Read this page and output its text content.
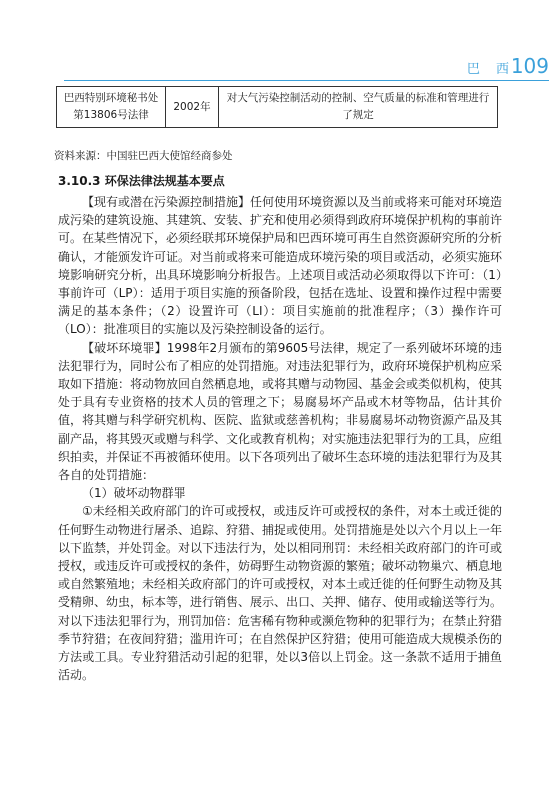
巴 西
109
巴西特别环境秘书处第13806号法律	2002年	对大气污染控制活动的控制、空气质量的标准和管理进行了规定
资料来源：中国驻巴西大使馆经商参处
3.10.3 环保法律法规基本要点

【现有或潜在污染源控制措施】任何使用环境资源以及当前或将来可能对环境造成污染的建筑设施、其建筑、安装、扩充和使用必须得到政府环境保护机构的事前许可。在某些情况下，必须经联邦环境保护局和巴西环境可再生自然资源研究所的分析确认，才能颁发许可证。对当前或将来可能造成环境污染的项目或活动，必须实施环境影响研究分析，出具环境影响分析报告。上述项目或活动必须取得以下许可：（1）事前许可（LP）：适用于项目实施的预备阶段，包括在选址、设置和操作过程中需要满足的基本条件；（2）设置许可（LI）：项目实施前的批准程序；（3）操作许可（LO）：批准项目的实施以及污染控制设备的运行。

【破坏环境罪】1998年2月颁布的第9605号法律，规定了一系列破坏环境的违法犯罪行为，同时公布了相应的处罚措施。对违法犯罪行为，政府环境保护机构应采取如下措施：将动物放回自然栖息地，或将其赠与动物园、基金会或类似机构，使其处于具有专业资格的技术人员的管理之下；易腐易坏产品或木材等物品，估计其价值，将其赠与科学研究机构、医院、监狱或慈善机构；非易腐易坏动物资源产品及其副产品，将其毁灭或赠与科学、文化或教育机构；对实施违法犯罪行为的工具，应组织拍卖，并保证不再被循环使用。以下各项列出了破坏生态环境的违法犯罪行为及其各自的处罚措施：

（1）破坏动物群罪

①未经相关政府部门的许可或授权，或违反许可或授权的条件，对本土或迁徙的任何野生动物进行屠杀、追踪、狩猎、捕捉或使用。处罚措施是处以六个月以上一年以下监禁，并处罚金。对以下违法行为，处以相同刑罚：未经相关政府部门的许可或授权，或违反许可或授权的条件，妨碍野生动物资源的繁殖；破坏动物巢穴、栖息地或自然繁殖地；未经相关政府部门的许可或授权，对本土或迁徙的任何野生动物及其受精卵、幼虫，标本等，进行销售、展示、出口、关押、储存、使用或输送等行为。对以下违法犯罪行为，刑罚加倍：危害稀有物种或濒危物种的犯罪行为；在禁止狩猎季节狩猎；在夜间狩猎；滥用许可；在自然保护区狩猎；使用可能造成大规模杀伤的方法或工具。专业狩猎活动引起的犯罪，处以3倍以上罚金。这一条款不适用于捕鱼活动。
